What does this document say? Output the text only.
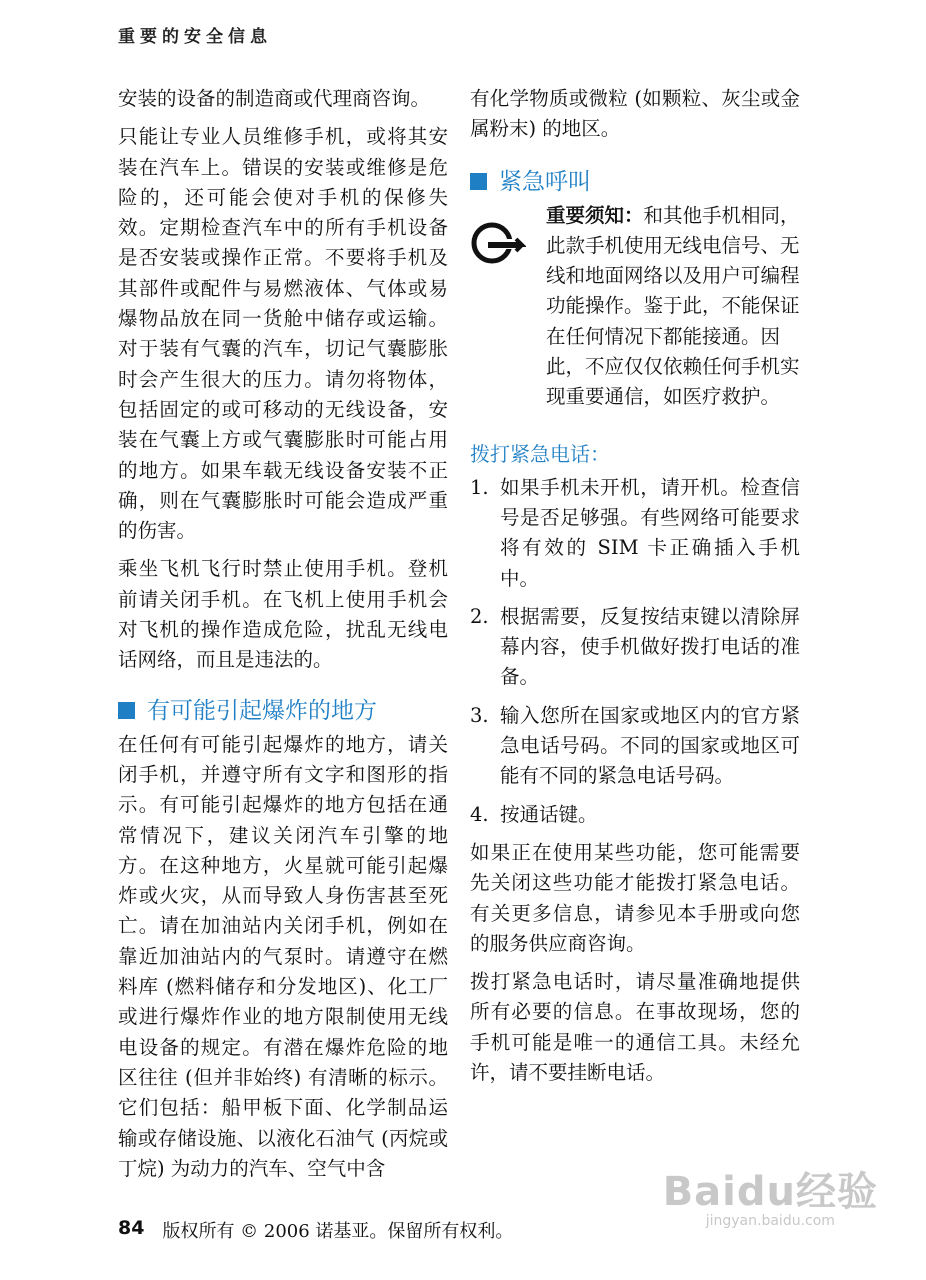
重要的安全信息

安装的设备的制造商或代理商咨询。

只能让专业人员维修手机，或将其安装在汽车上。错误的安装或维修是危险的，还可能会使对手机的保修失效。定期检查汽车中的所有手机设备是否安装或操作正常。不要将手机及其部件或配件与易燃液体、气体或易爆物品放在同一货舱中储存或运输。对于装有气囊的汽车，切记气囊膨胀时会产生很大的压力。请勿将物体，包括固定的或可移动的无线设备，安装在气囊上方或气囊膨胀时可能占用的地方。如果车载无线设备安装不正确，则在气囊膨胀时可能会造成严重的伤害。

乘坐飞机飞行时禁止使用手机。登机前请关闭手机。在飞机上使用手机会对飞机的操作造成危险，扰乱无线电话网络，而且是违法的。

有可能引起爆炸的地方

在任何有可能引起爆炸的地方，请关闭手机，并遵守所有文字和图形的指示。有可能引起爆炸的地方包括在通常情况下，建议关闭汽车引擎的地方。在这种地方，火星就可能引起爆炸或火灾，从而导致人身伤害甚至死亡。请在加油站内关闭手机，例如在靠近加油站内的气泵时。请遵守在燃料库 (燃料储存和分发地区)、化工厂或进行爆炸作业的地方限制使用无线电设备的规定。有潜在爆炸危险的地区往往 (但并非始终) 有清晰的标示。它们包括：船甲板下面、化学制品运输或存储设施、以液化石油气 (丙烷或丁烷) 为动力的汽车、空气中含

有化学物质或微粒 (如颗粒、灰尘或金属粉末) 的地区。

紧急呼叫
重要须知：和其他手机相同，此款手机使用无线电信号、无线和地面网络以及用户可编程功能操作。鉴于此，不能保证在任何情况下都能接通。因此，不应仅仅依赖任何手机实现重要通信，如医疗救护。
拨打紧急电话：
1. 如果手机未开机，请开机。检查信号是否足够强。有些网络可能要求将有效的 SIM 卡正确插入手机中。
2. 根据需要，反复按结束键以清除屏幕内容，使手机做好拨打电话的准备。
3. 输入您所在国家或地区内的官方紧急电话号码。不同的国家或地区可能有不同的紧急电话号码。
4. 按通话键。

如果正在使用某些功能，您可能需要先关闭这些功能才能拨打紧急电话。有关更多信息，请参见本手册或向您的服务供应商咨询。

拨打紧急电话时，请尽量准确地提供所有必要的信息。在事故现场，您的手机可能是唯一的通信工具。未经允许，请不要挂断电话。

84 版权所有 © 2006 诺基亚。保留所有权利。
Baidu经验
jingyan.baidu.com
